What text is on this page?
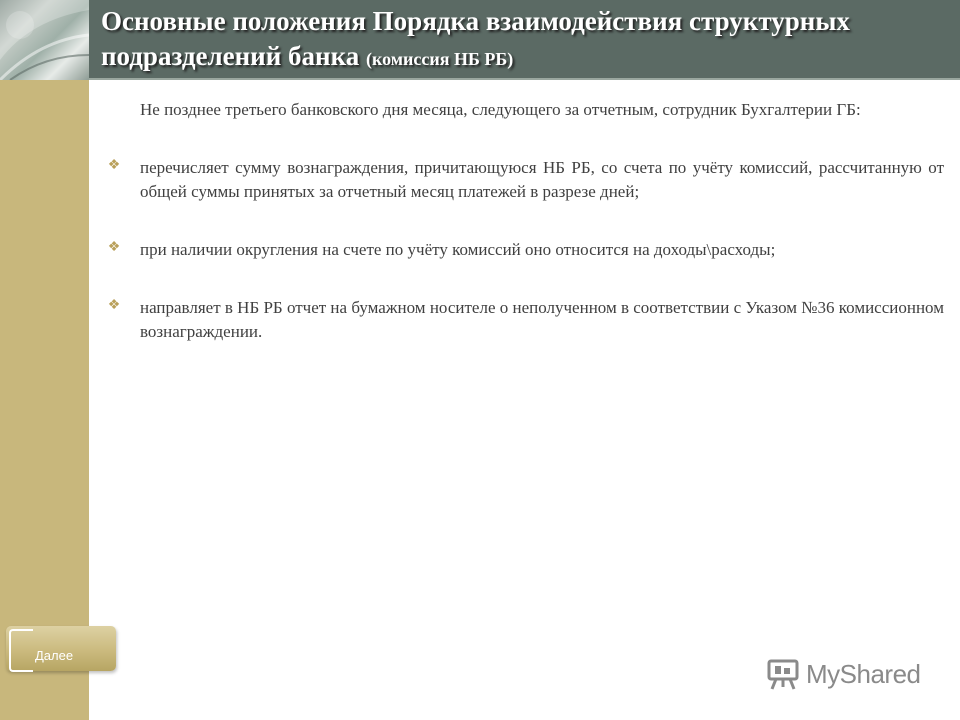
Основные положения Порядка взаимодействия структурных подразделений банка (комиссия НБ РБ)
Не позднее третьего банковского дня месяца, следующего за отчетным, сотрудник Бухгалтерии ГБ:
❖ перечисляет сумму вознаграждения, причитающуюся НБ РБ, со счета по учёту комиссий, рассчитанную от общей суммы принятых за отчетный месяц платежей в разрезе дней;
❖ при наличии округления на счете по учёту комиссий оно относится на доходы\расходы;
❖ направляет в НБ РБ отчет на бумажном носителе о неполученном в соответствии с Указом №36 комиссионном вознаграждении.
Далее
MyShared
